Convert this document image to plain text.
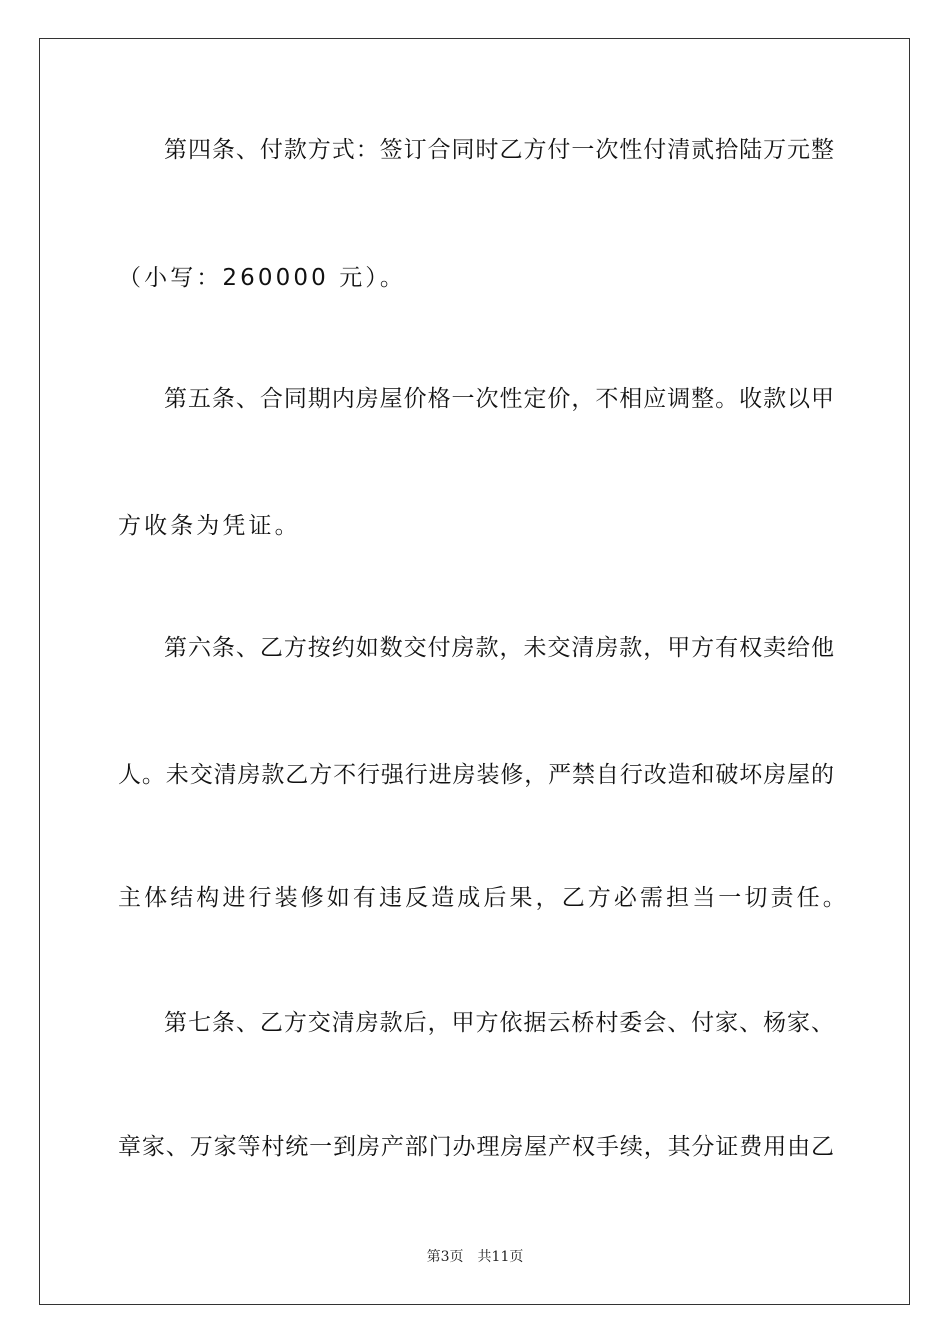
第四条、付款方式：签订合同时乙方付一次性付清贰拾陆万元整
（小写：260000 元）。
第五条、合同期内房屋价格一次性定价，不相应调整。收款以甲
方收条为凭证。
第六条、乙方按约如数交付房款，未交清房款，甲方有权卖给他
人。未交清房款乙方不行强行进房装修，严禁自行改造和破坏房屋的
主体结构进行装修如有违反造成后果，乙方必需担当一切责任。
第七条、乙方交清房款后，甲方依据云桥村委会、付家、杨家、
章家、万家等村统一到房产部门办理房屋产权手续，其分证费用由乙
第3页 共11页
